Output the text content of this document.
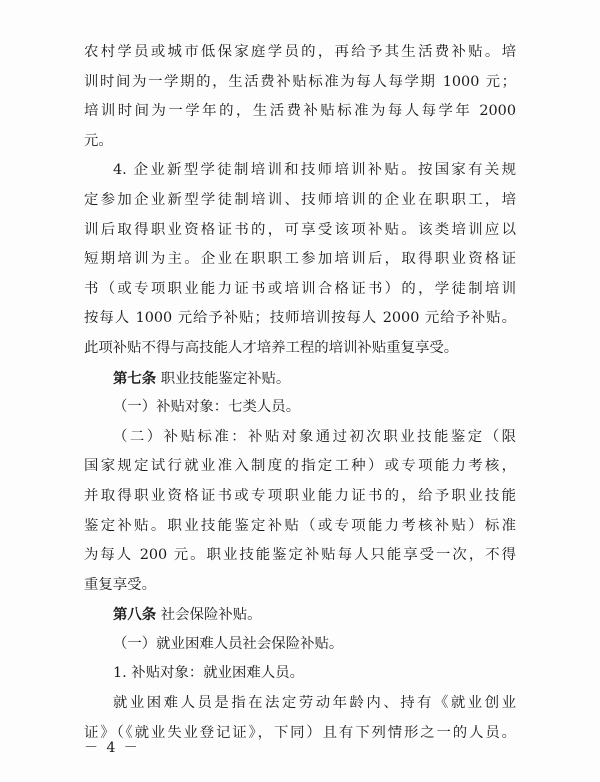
农村学员或城市低保家庭学员的，再给予其生活费补贴。培
训时间为一学期的，生活费补贴标准为每人每学期 1000 元；
培训时间为一学年的，生活费补贴标准为每人每学年 2000
元。
4. 企业新型学徒制培训和技师培训补贴。按国家有关规
定参加企业新型学徒制培训、技师培训的企业在职职工，培
训后取得职业资格证书的，可享受该项补贴。该类培训应以
短期培训为主。企业在职职工参加培训后，取得职业资格证
书（或专项职业能力证书或培训合格证书）的，学徒制培训
按每人 1000 元给予补贴；技师培训按每人 2000 元给予补贴。
此项补贴不得与高技能人才培养工程的培训补贴重复享受。
第七条 职业技能鉴定补贴。
（一）补贴对象：七类人员。
（二）补贴标准：补贴对象通过初次职业技能鉴定（限
国家规定试行就业准入制度的指定工种）或专项能力考核，
并取得职业资格证书或专项职业能力证书的，给予职业技能
鉴定补贴。职业技能鉴定补贴（或专项能力考核补贴）标准
为每人 200 元。职业技能鉴定补贴每人只能享受一次，不得
重复享受。
第八条 社会保险补贴。
（一）就业困难人员社会保险补贴。
1. 补贴对象：就业困难人员。
就业困难人员是指在法定劳动年龄内、持有《就业创业
证》（《就业失业登记证》，下同）且有下列情形之一的人员。
－ 4 －
